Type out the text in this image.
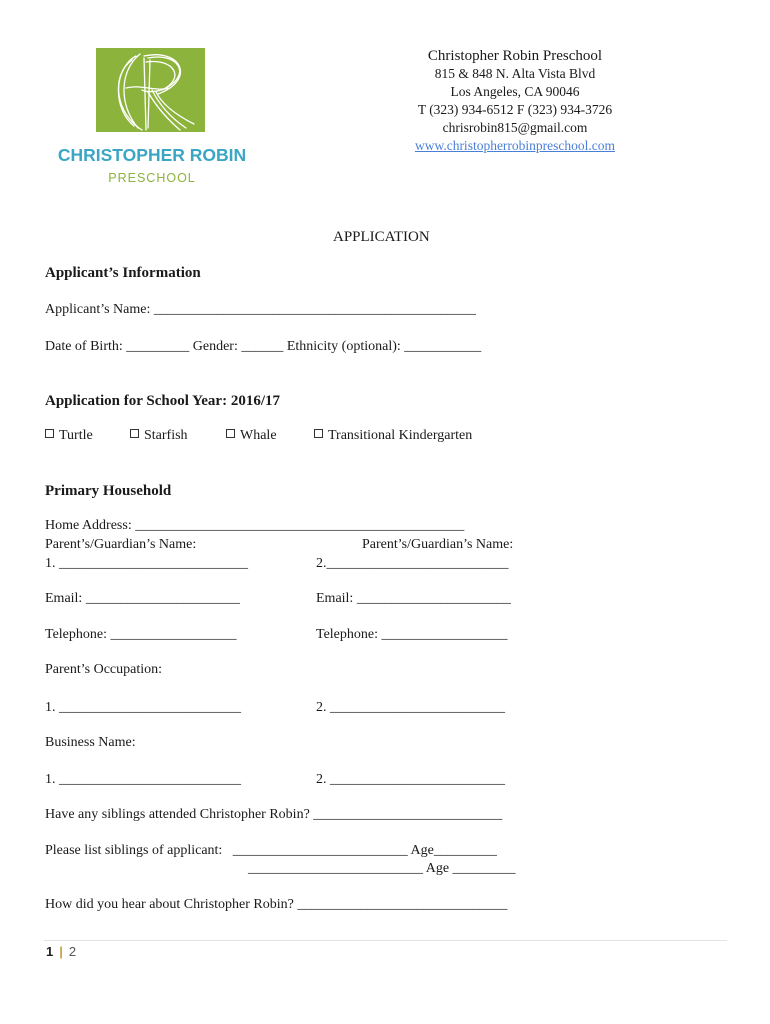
CHRISTOPHER ROBIN
PRESCHOOL
Christopher Robin Preschool
815 & 848 N. Alta Vista Blvd
Los Angeles, CA 90046
T (323) 934-6512 F (323) 934-3726
chrisrobin815@gmail.com
www.christopherrobinpreschool.com
APPLICATION
Applicant’s Information
Applicant’s Name: ______________________________________________
Date of Birth: _________ Gender: ______ Ethnicity (optional): ___________
Application for School Year: 2016/17
Turtle	Starfish	Whale	Transitional Kindergarten
Primary Household
Home Address: _______________________________________________
Parent’s/Guardian’s Name:	Parent’s/Guardian’s Name:
1. ___________________________	2.__________________________
Email: ______________________	Email: ______________________
Telephone: __________________	Telephone: __________________
Parent’s Occupation:
1. __________________________	2. _________________________
Business Name:
1. __________________________	2. _________________________
Have any siblings attended Christopher Robin? ___________________________
Please list siblings of applicant:   _________________________ Age_________
_________________________ Age _________
How did you hear about Christopher Robin? ______________________________
1 | 2
